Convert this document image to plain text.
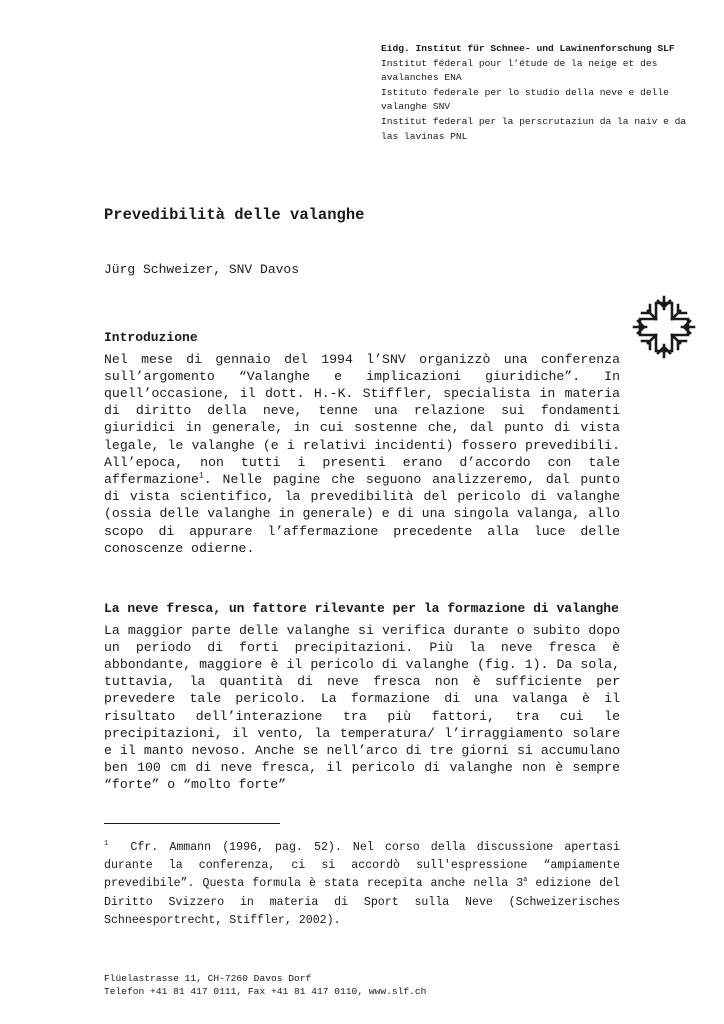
Eidg. Institut für Schnee- und Lawinenforschung SLF
Institut féderal pour l’étude de la neige et des
avalanches ENA
Istituto federale per lo studio della neve e delle
valanghe SNV
Institut federal per la perscrutaziun da la naiv e da
las lavinas PNL
Prevedibilità delle valanghe
Jürg Schweizer, SNV Davos
Introduzione

Nel mese di gennaio del 1994 l’SNV organizzò una conferenza sull’argomento “Valanghe e implicazioni giuridiche”. In quell’occasione, il dott. H.-K. Stiffler, specialista in materia di diritto della neve, tenne una relazione sui fondamenti giuridici in generale, in cui sostenne che, dal punto di vista legale, le valanghe (e i relativi incidenti) fossero prevedibili. All’epoca, non tutti i presenti erano d’accordo con tale affermazione$^1$. Nelle pagine che seguono analizzeremo, dal punto di vista scientifico, la prevedibilità del pericolo di valanghe (ossia delle valanghe in generale) e di una singola valanga, allo scopo di appurare l’affermazione precedente alla luce delle conoscenze odierne.

La neve fresca, un fattore rilevante per la formazione di valanghe

La maggior parte delle valanghe si verifica durante o subito dopo un periodo di forti precipitazioni. Più la neve fresca è abbondante, maggiore è il pericolo di valanghe (fig. 1). Da sola, tuttavia, la quantità di neve fresca non è sufficiente per prevedere tale pericolo. La formazione di una valanga è il risultato dell’interazione tra più fattori, tra cui le precipitazioni, il vento, la temperatura/ l’irraggiamento solare e il manto nevoso. Anche se nell’arco di tre giorni si accumulano ben 100 cm di neve fresca, il pericolo di valanghe non è sempre “forte” o “molto forte”

$^1$ Cfr. Ammann (1996, pag. 52). Nel corso della discussione apertasi durante la conferenza, ci si accordò sull'espressione “ampiamente prevedibile”. Questa formula è stata recepita anche nella 3$^a$ edizione del Diritto Svizzero in materia di Sport sulla Neve (Schweizerisches Schneesportrecht, Stiffler, 2002).

Flüelastrasse 11, CH-7260 Davos Dorf
Telefon +41 81 417 0111, Fax +41 81 417 0110, www.slf.ch
